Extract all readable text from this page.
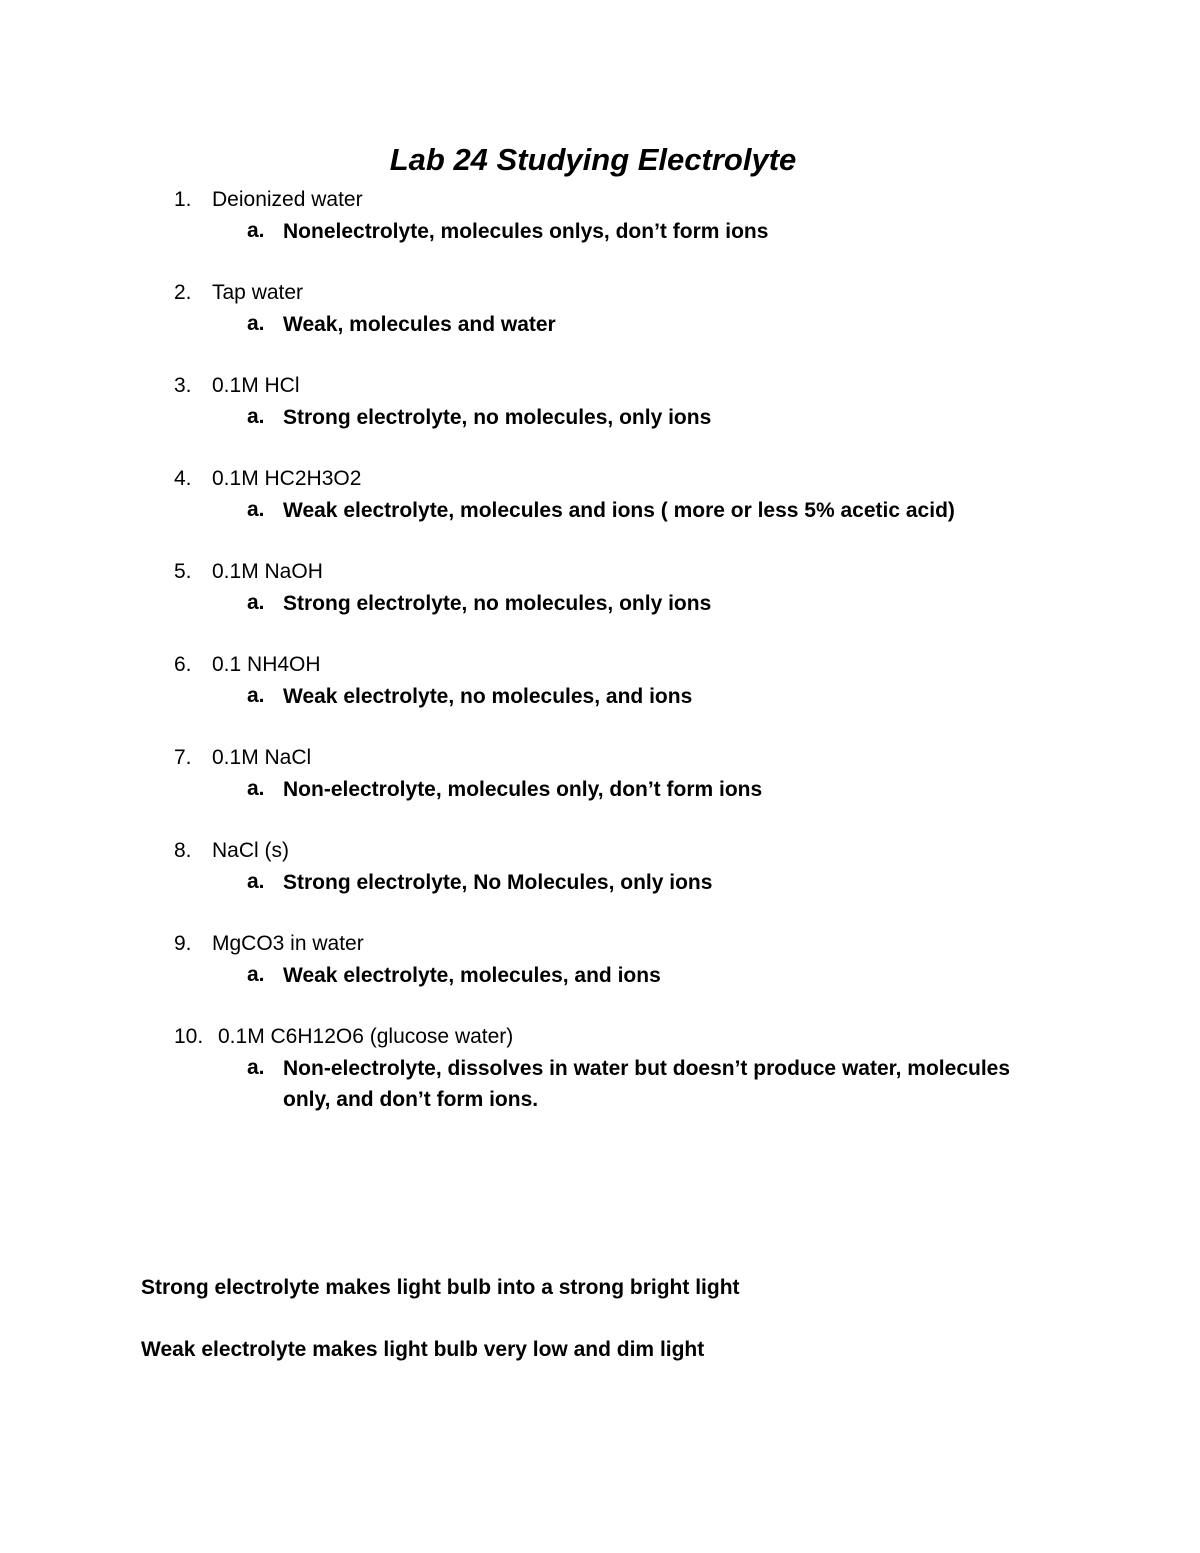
Lab 24 Studying Electrolyte
1. Deionized water
a. Nonelectrolyte, molecules onlys, don’t form ions
2. Tap water
a. Weak, molecules and water
3. 0.1M HCl
a. Strong electrolyte, no molecules, only ions
4. 0.1M HC2H3O2
a. Weak electrolyte, molecules and ions ( more or less 5% acetic acid)
5. 0.1M NaOH
a. Strong electrolyte, no molecules, only ions
6. 0.1 NH4OH
a. Weak electrolyte, no molecules, and ions
7. 0.1M NaCl
a. Non-electrolyte, molecules only, don’t form ions
8. NaCl (s)
a. Strong electrolyte, No Molecules, only ions
9. MgCO3 in water
a. Weak electrolyte, molecules, and ions
10. 0.1M C6H12O6 (glucose water)
a. Non-electrolyte, dissolves in water but doesn’t produce water, molecules only, and don’t form ions.
Strong electrolyte makes light bulb into a strong bright light
Weak electrolyte makes light bulb very low and dim light
